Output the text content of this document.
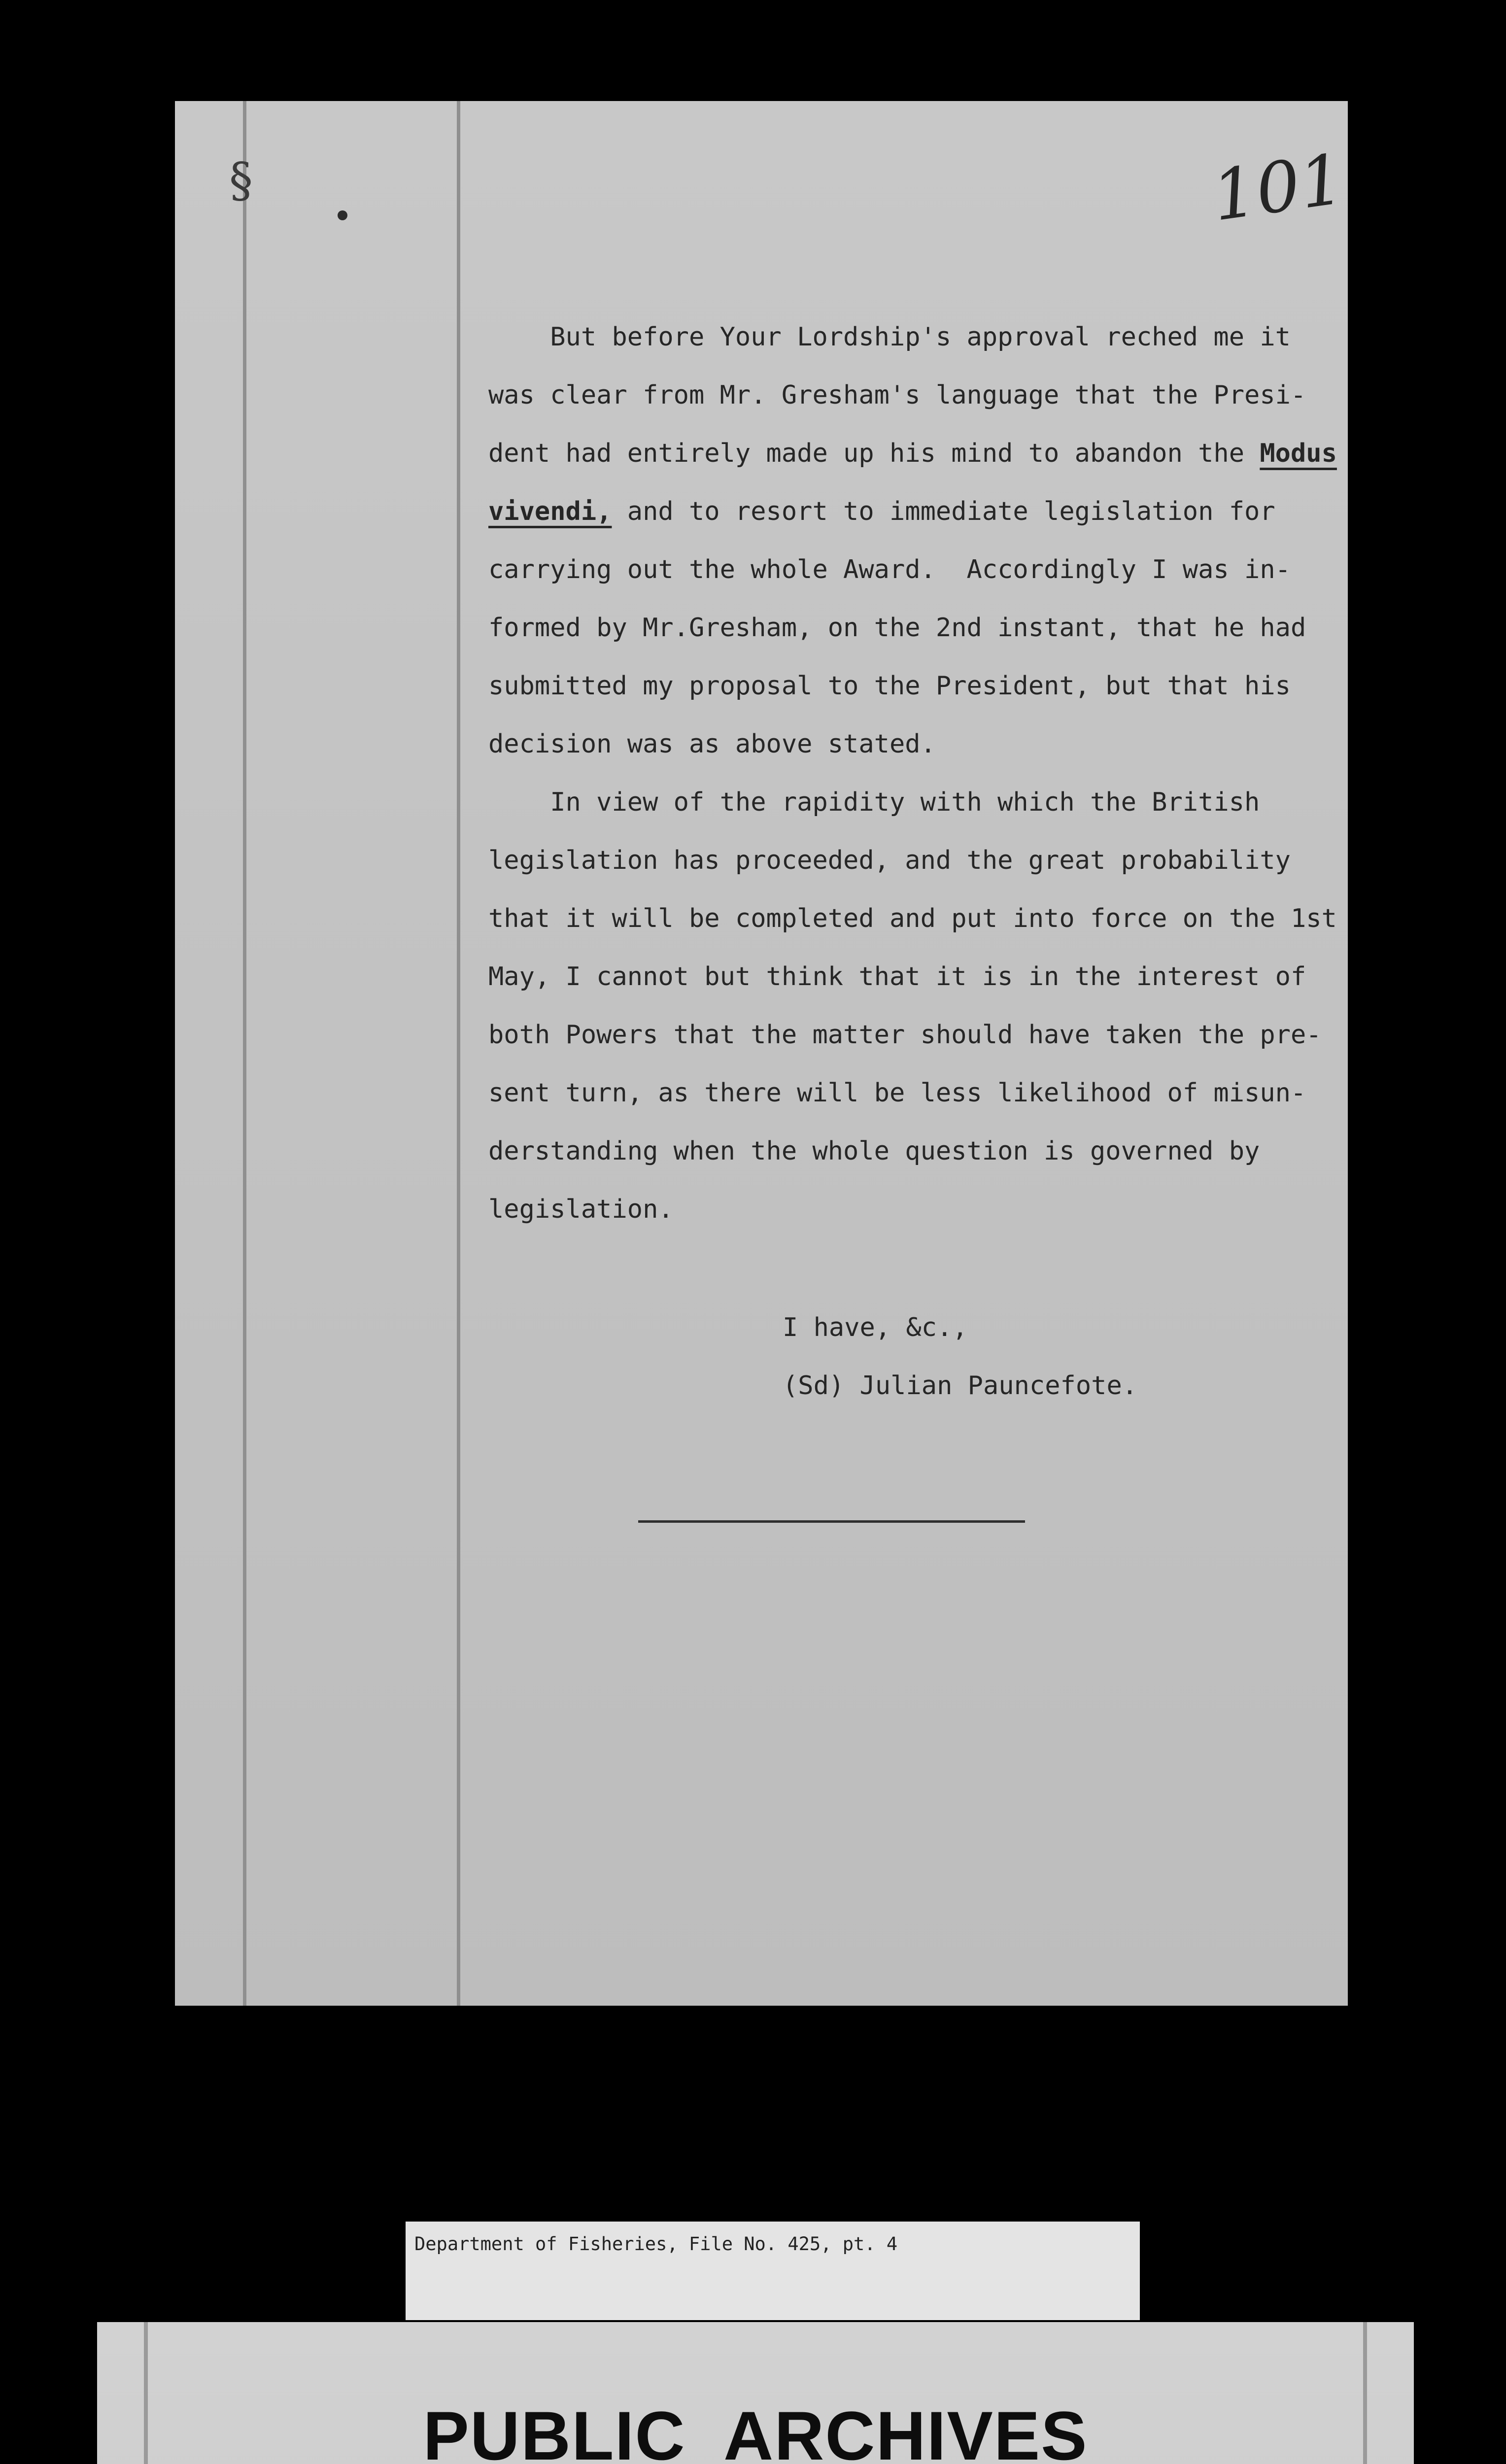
§	101
But before Your Lordship's approval reched me it
was clear from Mr. Gresham's language that the Presi-
dent had entirely made up his mind to abandon the Modus
vivendi, and to resort to immediate legislation for
carrying out the whole Award.  Accordingly I was in-
formed by Mr.Gresham, on the 2nd instant, that he had
submitted my proposal to the President, but that his
decision was as above stated.
In view of the rapidity with which the British
legislation has proceeded, and the great probability
that it will be completed and put into force on the 1st
May, I cannot but think that it is in the interest of
both Powers that the matter should have taken the pre-
sent turn, as there will be less likelihood of misun-
derstanding when the whole question is governed by
legislation.
I have, &c.,
(Sd) Julian Pauncefote.
Department of Fisheries, File No. 425, pt. 4
PUBLIC  ARCHIVES
